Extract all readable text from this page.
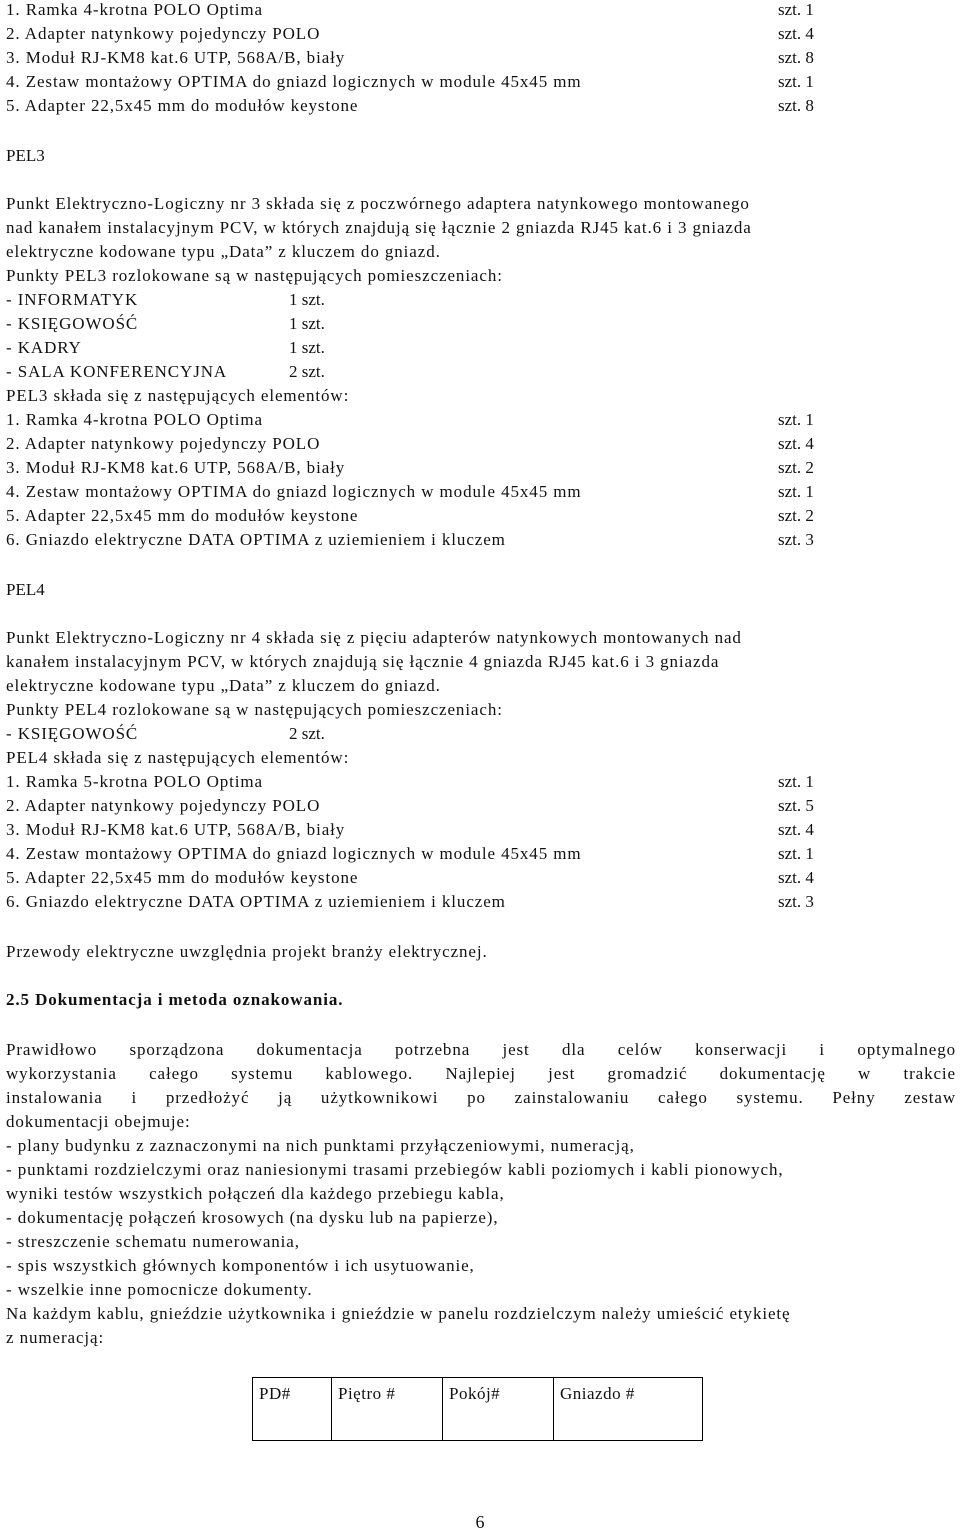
1. Ramka 4-krotna POLO Optima	szt. 1
2. Adapter natynkowy pojedynczy POLO	szt. 4
3. Moduł RJ-KM8 kat.6 UTP, 568A/B, biały	szt. 8
4. Zestaw montażowy OPTIMA do gniazd logicznych w module 45x45 mm	szt. 1
5. Adapter 22,5x45 mm do modułów keystone	szt. 8
PEL3
Punkt Elektryczno-Logiczny nr 3 składa się z poczwórnego adaptera natynkowego montowanego
nad kanałem instalacyjnym PCV, w których znajdują się łącznie 2 gniazda RJ45 kat.6 i 3 gniazda
elektryczne kodowane typu „Data” z kluczem do gniazd.
Punkty PEL3 rozlokowane są w następujących pomieszczeniach:
- INFORMATYK	1 szt.
- KSIĘGOWOŚĆ	1 szt.
- KADRY	1 szt.
- SALA KONFERENCYJNA	2 szt.
PEL3 składa się z następujących elementów:
1. Ramka 4-krotna POLO Optima	szt. 1
2. Adapter natynkowy pojedynczy POLO	szt. 4
3. Moduł RJ-KM8 kat.6 UTP, 568A/B, biały	szt. 2
4. Zestaw montażowy OPTIMA do gniazd logicznych w module 45x45 mm	szt. 1
5. Adapter 22,5x45 mm do modułów keystone	szt. 2
6. Gniazdo elektryczne DATA OPTIMA z uziemieniem i kluczem	szt. 3
PEL4
Punkt Elektryczno-Logiczny nr 4 składa się z pięciu adapterów natynkowych montowanych nad
kanałem instalacyjnym PCV, w których znajdują się łącznie 4 gniazda RJ45 kat.6 i 3 gniazda
elektryczne kodowane typu „Data” z kluczem do gniazd.
Punkty PEL4 rozlokowane są w następujących pomieszczeniach:
- KSIĘGOWOŚĆ	2 szt.
PEL4 składa się z następujących elementów:
1. Ramka 5-krotna POLO Optima	szt. 1
2. Adapter natynkowy pojedynczy POLO	szt. 5
3. Moduł RJ-KM8 kat.6 UTP, 568A/B, biały	szt. 4
4. Zestaw montażowy OPTIMA do gniazd logicznych w module 45x45 mm	szt. 1
5. Adapter 22,5x45 mm do modułów keystone	szt. 4
6. Gniazdo elektryczne DATA OPTIMA z uziemieniem i kluczem	szt. 3
Przewody elektryczne uwzględnia projekt branży elektrycznej.
2.5 Dokumentacja i metoda oznakowania.
Prawidłowo sporządzona dokumentacja potrzebna jest dla celów konserwacji i optymalnego
wykorzystania całego systemu kablowego. Najlepiej jest gromadzić dokumentację w trakcie
instalowania i przedłożyć ją użytkownikowi po zainstalowaniu całego systemu. Pełny zestaw
dokumentacji obejmuje:
- plany budynku z zaznaczonymi na nich punktami przyłączeniowymi, numeracją,
- punktami rozdzielczymi oraz naniesionymi trasami przebiegów kabli poziomych i kabli pionowych,
wyniki testów wszystkich połączeń dla każdego przebiegu kabla,
- dokumentację połączeń krosowych (na dysku lub na papierze),
- streszczenie schematu numerowania,
- spis wszystkich głównych komponentów i ich usytuowanie,
- wszelkie inne pomocnicze dokumenty.
Na każdym kablu, gnieździe użytkownika i gnieździe w panelu rozdzielczym należy umieścić etykietę
z numeracją:
PD#	Piętro #	Pokój#	Gniazdo #
6
